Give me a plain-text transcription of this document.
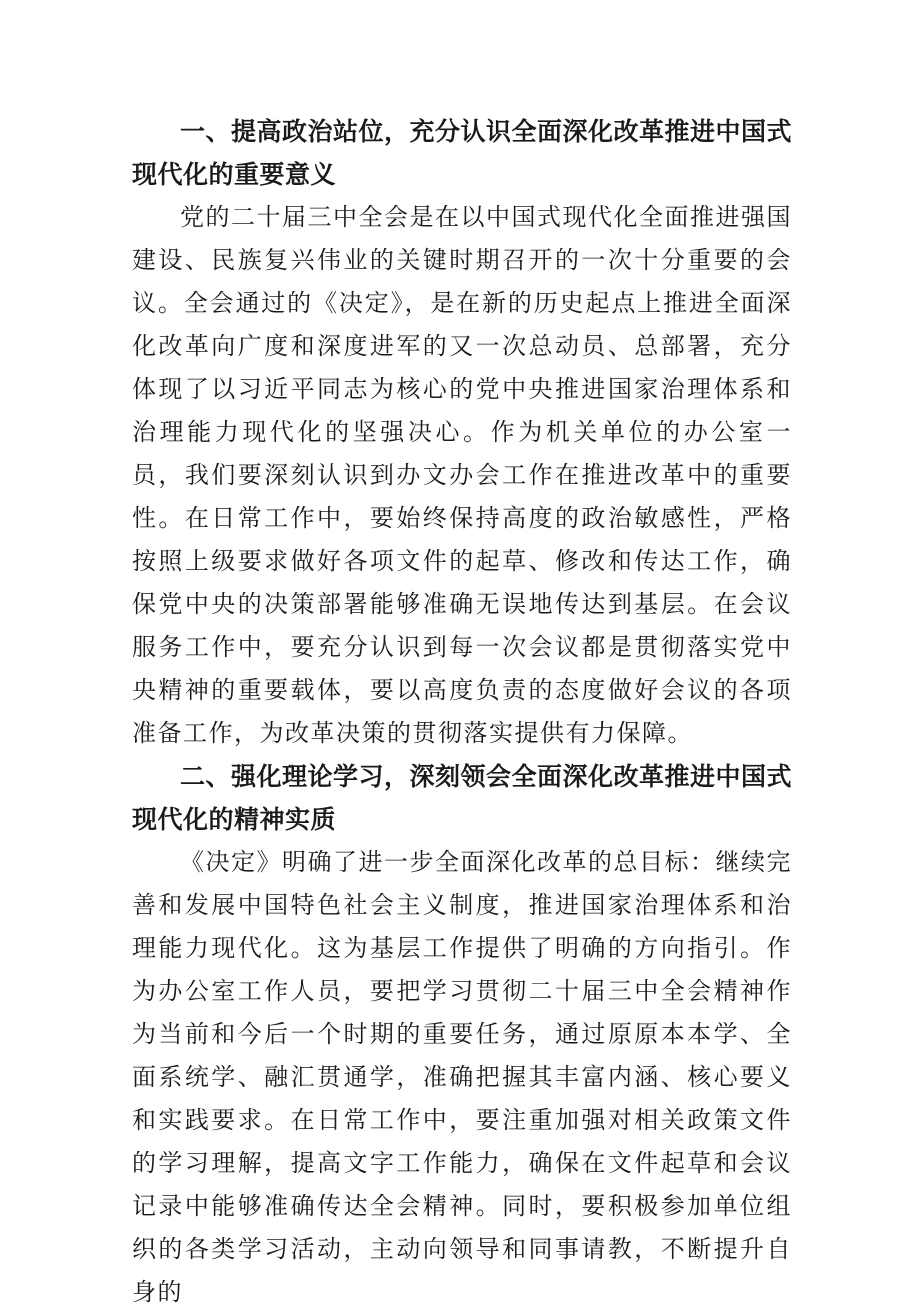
一、提高政治站位，充分认识全面深化改革推进中国式现代化的重要意义

党的二十届三中全会是在以中国式现代化全面推进强国建设、民族复兴伟业的关键时期召开的一次十分重要的会议。全会通过的《决定》，是在新的历史起点上推进全面深化改革向广度和深度进军的又一次总动员、总部署，充分体现了以习近平同志为核心的党中央推进国家治理体系和治理能力现代化的坚强决心。作为机关单位的办公室一员，我们要深刻认识到办文办会工作在推进改革中的重要性。在日常工作中，要始终保持高度的政治敏感性，严格按照上级要求做好各项文件的起草、修改和传达工作，确保党中央的决策部署能够准确无误地传达到基层。在会议服务工作中，要充分认识到每一次会议都是贯彻落实党中央精神的重要载体，要以高度负责的态度做好会议的各项准备工作，为改革决策的贯彻落实提供有力保障。

二、强化理论学习，深刻领会全面深化改革推进中国式现代化的精神实质

《决定》明确了进一步全面深化改革的总目标：继续完善和发展中国特色社会主义制度，推进国家治理体系和治理能力现代化。这为基层工作提供了明确的方向指引。作为办公室工作人员，要把学习贯彻二十届三中全会精神作为当前和今后一个时期的重要任务，通过原原本本学、全面系统学、融汇贯通学，准确把握其丰富内涵、核心要义和实践要求。在日常工作中，要注重加强对相关政策文件的学习理解，提高文字工作能力，确保在文件起草和会议记录中能够准确传达全会精神。同时，要积极参加单位组织的各类学习活动，主动向领导和同事请教，不断提升自身的
